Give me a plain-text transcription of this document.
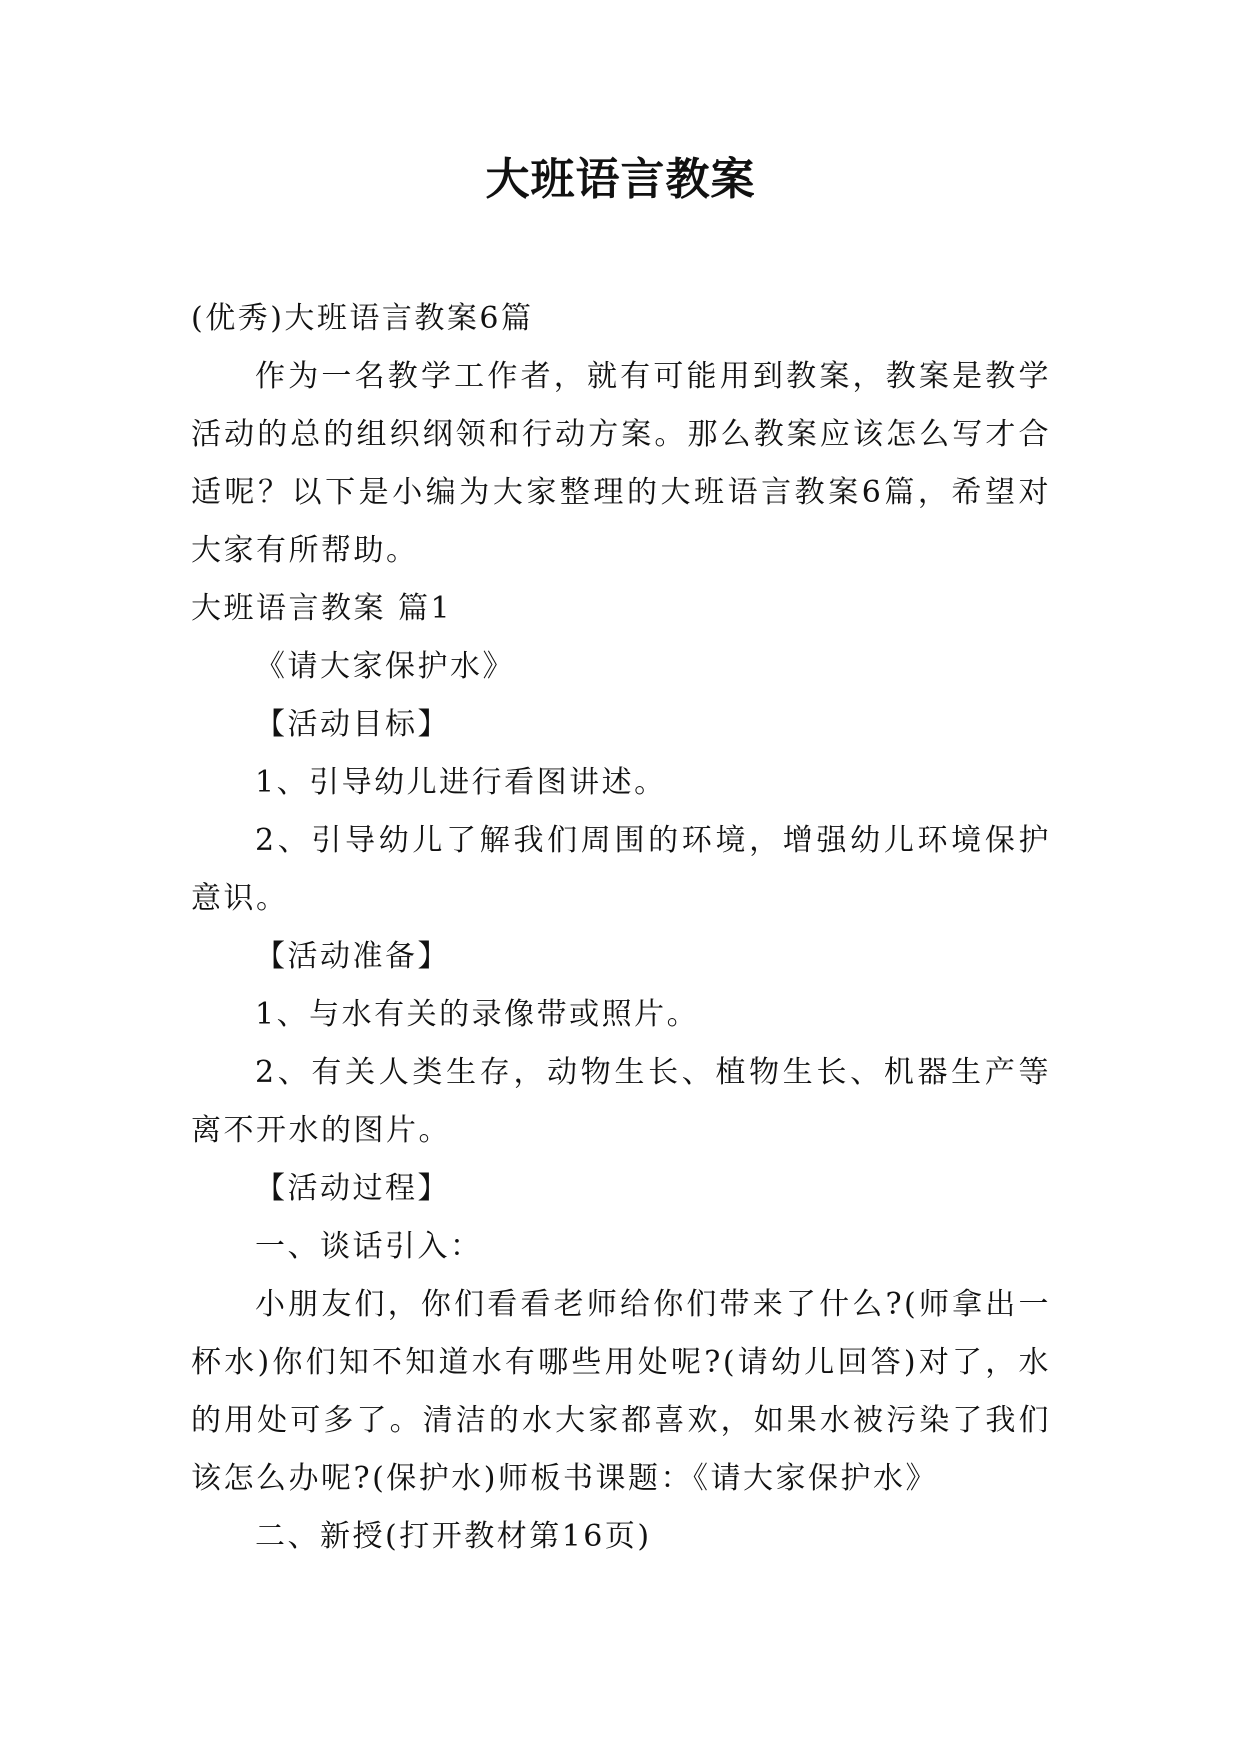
大班语言教案

(优秀)大班语言教案6篇

作为一名教学工作者，就有可能用到教案，教案是教学活动的总的组织纲领和行动方案。那么教案应该怎么写才合适呢？以下是小编为大家整理的大班语言教案6篇，希望对大家有所帮助。

大班语言教案 篇1

《请大家保护水》

【活动目标】

1、引导幼儿进行看图讲述。

2、引导幼儿了解我们周围的环境，增强幼儿环境保护意识。

【活动准备】

1、与水有关的录像带或照片。

2、有关人类生存，动物生长、植物生长、机器生产等离不开水的图片。

【活动过程】

一、谈话引入：

小朋友们，你们看看老师给你们带来了什么?(师拿出一杯水)你们知不知道水有哪些用处呢?(请幼儿回答)对了，水的用处可多了。清洁的水大家都喜欢，如果水被污染了我们该怎么办呢?(保护水)师板书课题：《请大家保护水》

二、新授(打开教材第16页)
